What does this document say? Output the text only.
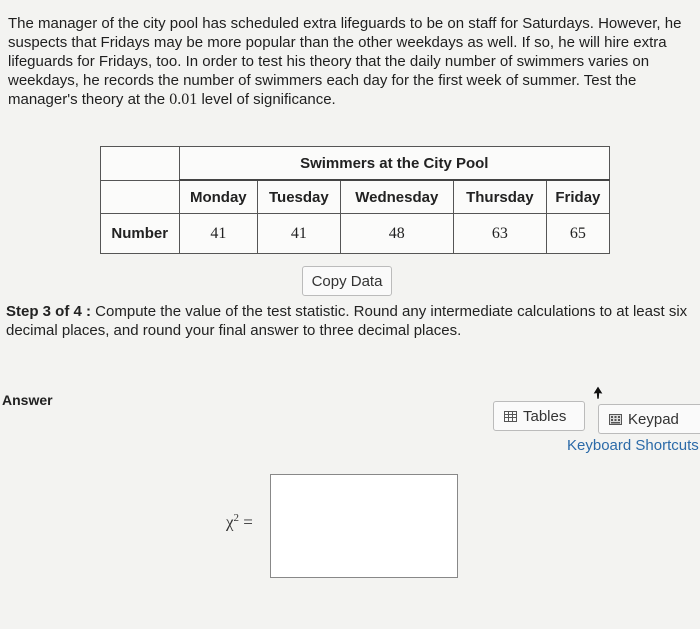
The manager of the city pool has scheduled extra lifeguards to be on staff for Saturdays. However, he suspects that Fridays may be more popular than the other weekdays as well. If so, he will hire extra lifeguards for Fridays, too. In order to test his theory that the daily number of swimmers varies on weekdays, he records the number of swimmers each day for the first week of summer. Test the manager's theory at the 0.01 level of significance.
	Swimmers at the City Pool				
	Monday	Tuesday	Wednesday	Thursday	Friday
Number	41	41	48	63	65
Copy Data
Step 3 of 4 : Compute the value of the test statistic. Round any intermediate calculations to at least six decimal places, and round your final answer to three decimal places.
Answer
Tables	Keypad
Keyboard Shortcuts
$\chi^2$ =
